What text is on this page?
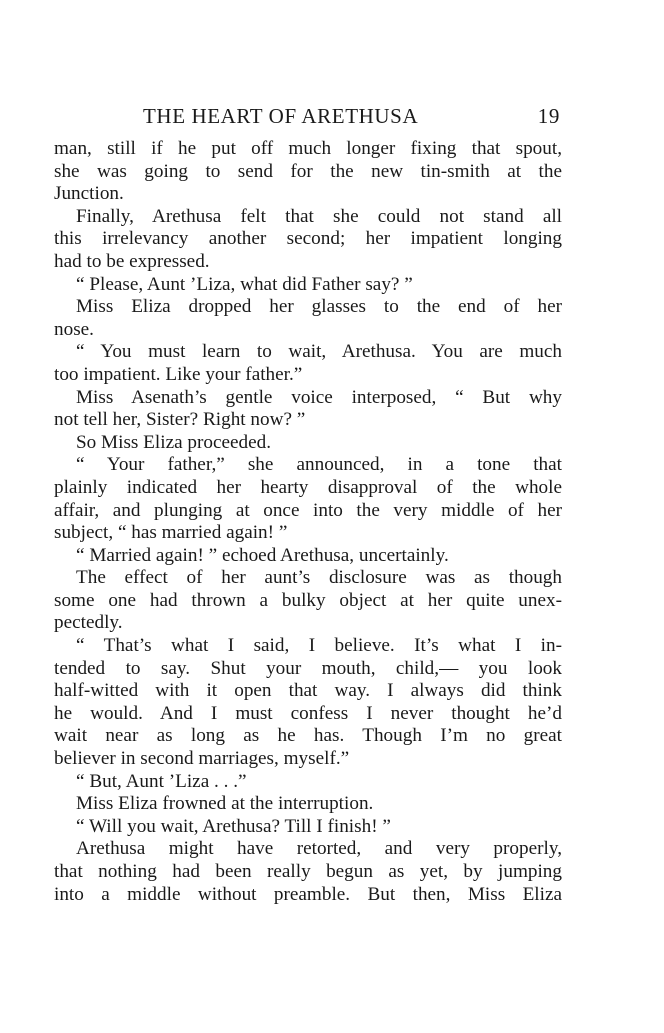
THE HEART OF ARETHUSA	19
man, still if he put off much longer fixing that spout,
she was going to send for the new tin-smith at the
Junction.
Finally, Arethusa felt that she could not stand all
this irrelevancy another second; her impatient longing
had to be expressed.
“ Please, Aunt ’Liza, what did Father say? ”
Miss Eliza dropped her glasses to the end of her
nose.
“ You must learn to wait, Arethusa. You are much
too impatient. Like your father.”
Miss Asenath’s gentle voice interposed, “ But why
not tell her, Sister? Right now? ”
So Miss Eliza proceeded.
“ Your father,” she announced, in a tone that
plainly indicated her hearty disapproval of the whole
affair, and plunging at once into the very middle of her
subject, “ has married again! ”
“ Married again! ” echoed Arethusa, uncertainly.
The effect of her aunt’s disclosure was as though
some one had thrown a bulky object at her quite unex-
pectedly.
“ That’s what I said, I believe. It’s what I in-
tended to say. Shut your mouth, child,— you look
half-witted with it open that way. I always did think
he would. And I must confess I never thought he’d
wait near as long as he has. Though I’m no great
believer in second marriages, myself.”
“ But, Aunt ’Liza . . .”
Miss Eliza frowned at the interruption.
“ Will you wait, Arethusa? Till I finish! ”
Arethusa might have retorted, and very properly,
that nothing had been really begun as yet, by jumping
into a middle without preamble. But then, Miss Eliza
